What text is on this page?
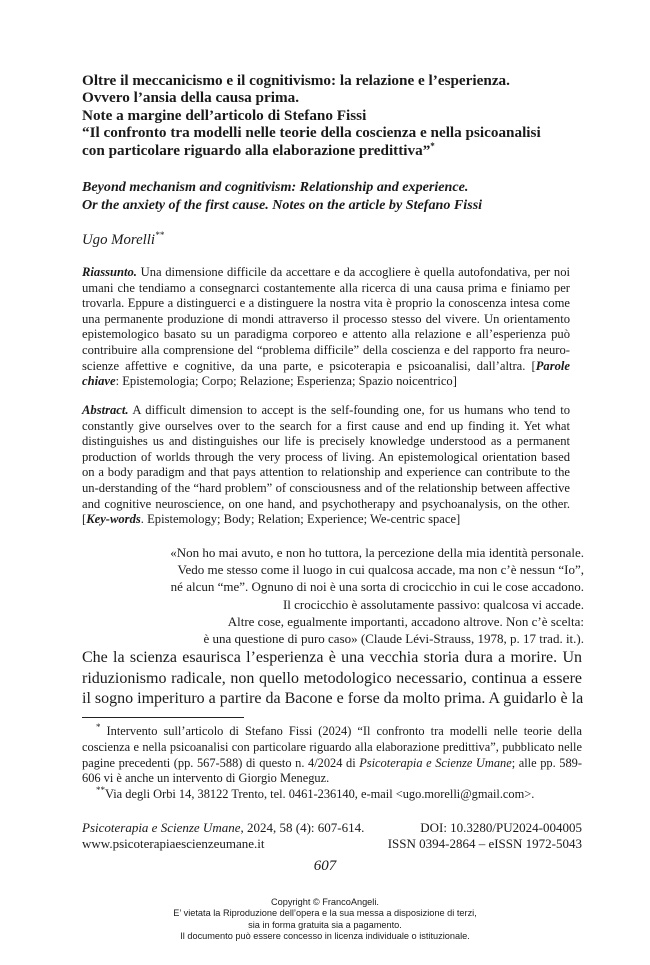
Oltre il meccanicismo e il cognitivismo: la relazione e l’esperienza.
Ovvero l’ansia della causa prima.
Note a margine dell’articolo di Stefano Fissi
“Il confronto tra modelli nelle teorie della coscienza e nella psicoanalisi
con particolare riguardo alla elaborazione predittiva”*
Beyond mechanism and cognitivism: Relationship and experience.
Or the anxiety of the first cause. Notes on the article by Stefano Fissi
Ugo Morelli**
Riassunto. Una dimensione difficile da accettare e da accogliere è quella autofondativa, per noi umani che tendiamo a consegnarci costantemente alla ricerca di una causa prima e finiamo per trovarla. Eppure a distinguerci e a distinguere la nostra vita è proprio la conoscenza intesa come una permanente produzione di mondi attraverso il processo stesso del vivere. Un orientamento epistemologico basato su un paradigma corporeo e attento alla relazione e all’esperienza può contribuire alla comprensione del “problema difficile” della coscienza e del rapporto fra neuro-scienze affettive e cognitive, da una parte, e psicoterapia e psicoanalisi, dall’altra. [Parole chiave: Epistemologia; Corpo; Relazione; Esperienza; Spazio noicentrico]
Abstract. A difficult dimension to accept is the self-founding one, for us humans who tend to constantly give ourselves over to the search for a first cause and end up finding it. Yet what distinguishes us and distinguishes our life is precisely knowledge understood as a permanent production of worlds through the very process of living. An epistemological orientation based on a body paradigm and that pays attention to relationship and experience can contribute to the un-derstanding of the “hard problem” of consciousness and of the relationship between affective and cognitive neuroscience, on one hand, and psychotherapy and psychoanalysis, on the other. [Key-words. Epistemology; Body; Relation; Experience; We-centric space]
«Non ho mai avuto, e non ho tuttora, la percezione della mia identità personale.
Vedo me stesso come il luogo in cui qualcosa accade, ma non c’è nessun “Io”,
né alcun “me”. Ognuno di noi è una sorta di crocicchio in cui le cose accadono.
Il crocicchio è assolutamente passivo: qualcosa vi accade.
Altre cose, egualmente importanti, accadono altrove. Non c’è scelta:
è una questione di puro caso» (Claude Lévi-Strauss, 1978, p. 17 trad. it.).
Che la scienza esaurisca l’esperienza è una vecchia storia dura a morire. Un
riduzionismo radicale, non quello metodologico necessario, continua a essere
il sogno imperituro a partire da Bacone e forse da molto prima. A guidarlo è la

* Intervento sull’articolo di Stefano Fissi (2024) “Il confronto tra modelli nelle teorie della coscienza e nella psicoanalisi con particolare riguardo alla elaborazione predittiva”, pubblicato nelle pagine precedenti (pp. 567-588) di questo n. 4/2024 di Psicoterapia e Scienze Umane; alle pp. 589-606 vi è anche un intervento di Giorgio Meneguz.

**Via degli Orbi 14, 38122 Trento, tel. 0461-236140, e-mail <ugo.morelli@gmail.com>.

Psicoterapia e Scienze Umane, 2024, 58 (4): 607-614.	DOI: 10.3280/PU2024-004005
www.psicoterapiaescienzeumane.it	ISSN 0394-2864 – eISSN 1972-5043
607
Copyright © FrancoAngeli.
E’ vietata la Riproduzione dell’opera e la sua messa a disposizione di terzi,
sia in forma gratuita sia a pagamento.
Il documento può essere concesso in licenza individuale o istituzionale.
